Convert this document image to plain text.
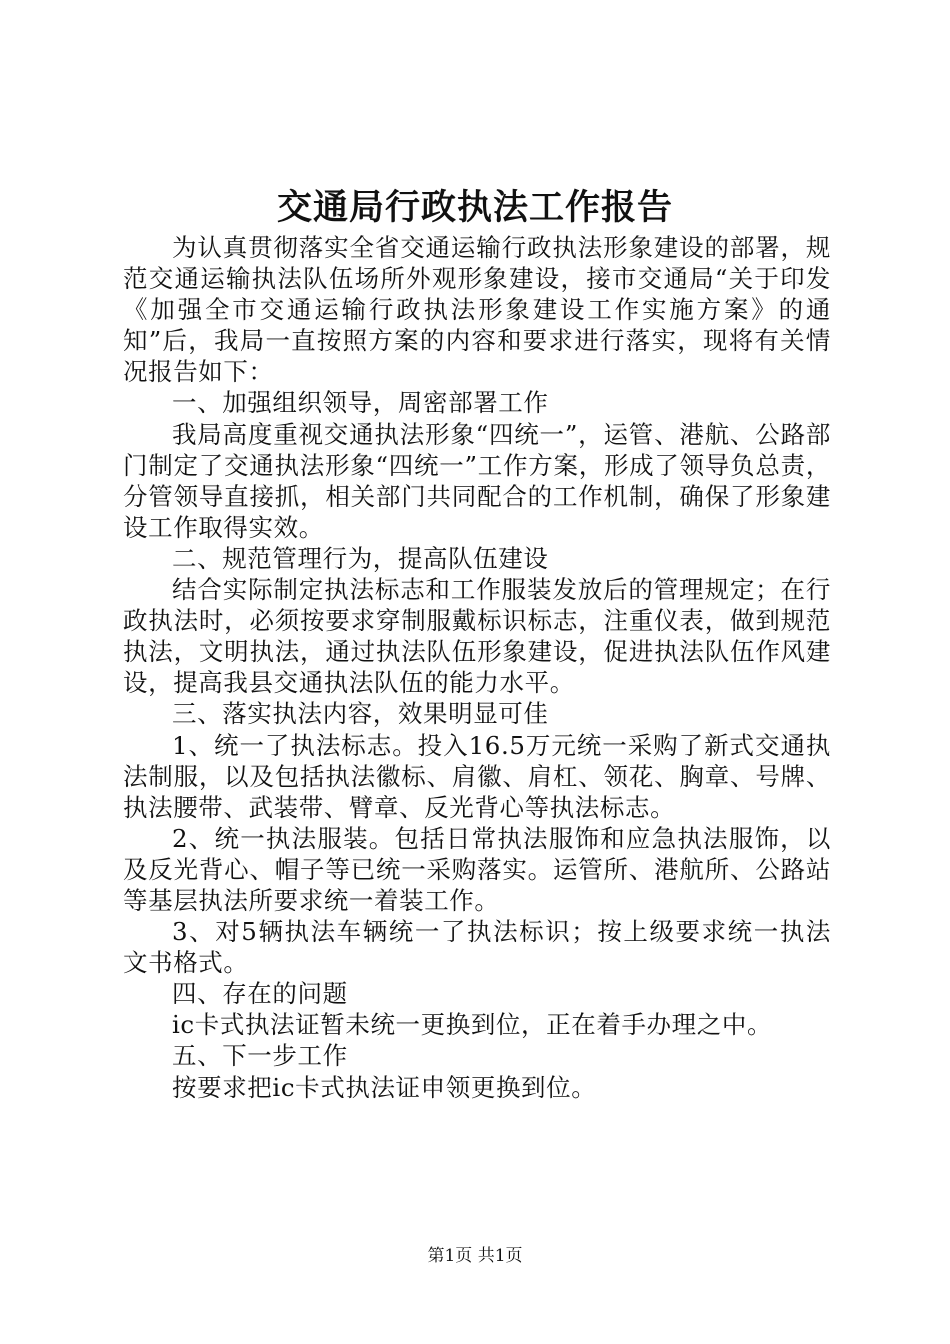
交通局行政执法工作报告

为认真贯彻落实全省交通运输行政执法形象建设的部署，规范交通运输执法队伍场所外观形象建设，接市交通局“关于印发《加强全市交通运输行政执法形象建设工作实施方案》的通知”后，我局一直按照方案的内容和要求进行落实，现将有关情况报告如下：

一、加强组织领导，周密部署工作

我局高度重视交通执法形象“四统一”，运管、港航、公路部门制定了交通执法形象“四统一”工作方案，形成了领导负总责，分管领导直接抓，相关部门共同配合的工作机制，确保了形象建设工作取得实效。

二、规范管理行为，提高队伍建设

结合实际制定执法标志和工作服装发放后的管理规定；在行政执法时，必须按要求穿制服戴标识标志，注重仪表，做到规范执法，文明执法，通过执法队伍形象建设，促进执法队伍作风建设，提高我县交通执法队伍的能力水平。

三、落实执法内容，效果明显可佳

1、统一了执法标志。投入16.5万元统一采购了新式交通执法制服，以及包括执法徽标、肩徽、肩杠、领花、胸章、号牌、执法腰带、武装带、臂章、反光背心等执法标志。

2、统一执法服装。包括日常执法服饰和应急执法服饰，以及反光背心、帽子等已统一采购落实。运管所、港航所、公路站等基层执法所要求统一着装工作。

3、对5辆执法车辆统一了执法标识；按上级要求统一执法文书格式。

四、存在的问题

ic卡式执法证暂未统一更换到位，正在着手办理之中。

五、下一步工作

按要求把ic卡式执法证申领更换到位。

第1页 共1页
